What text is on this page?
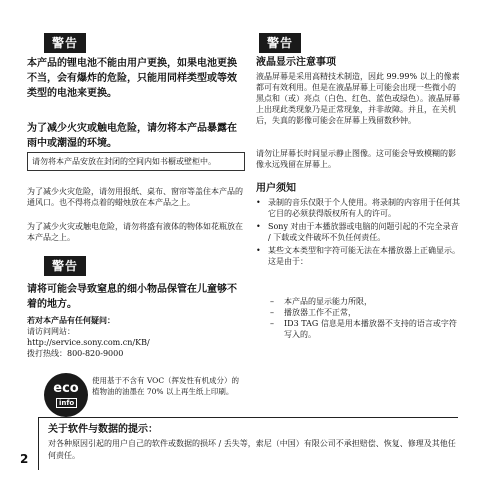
警告
本产品的锂电池不能由用户更换，如果电池更换不当，会有爆炸的危险，只能用同样类型或等效类型的电池来更换。
为了减少火灾或触电危险，请勿将本产品暴露在雨中或潮湿的环境。
请勿将本产品安放在封闭的空间内如书橱或壁柜中。
为了减少火灾危险，请勿用报纸、桌布、窗帘等盖住本产品的通风口。也不得将点着的蜡烛放在本产品之上。
为了减少火灾或触电危险，请勿将盛有液体的物体如花瓶放在本产品之上。
警告
请将可能会导致窒息的细小物品保管在儿童够不着的地方。
若对本产品有任何疑问：
请访问网站：
http://service.sony.com.cn/KB/
拨打热线：800-820-9000
eco
info
使用基于不含有 VOC（挥发性有机成分）的植物油的油墨在 70% 以上再生纸上印刷。
警告
液晶显示注意事项
液晶屏幕是采用高精技术制造，因此 99.99% 以上的像素都可有效利用。但是在液晶屏幕上可能会出现一些微小的黑点和（或）亮点（白色、红色、蓝色或绿色）。液晶屏幕上出现此类现象乃是正常现象，并非故障。并且，在关机后，失真的影像可能会在屏幕上残留数秒钟。
请勿让屏幕长时间显示静止图像。这可能会导致模糊的影像永远残留在屏幕上。
用户须知
• 录制的音乐仅限于个人使用。将录制的内容用于任何其它目的必须获得版权所有人的许可。
• Sony 对由于本播放器或电脑的问题引起的不完全录音 / 下载或文件破坏不负任何责任。
• 某些文本类型和字符可能无法在本播放器上正确显示。这是由于：
– 本产品的显示能力所限，
– 播放器工作不正常，
– ID3 TAG 信息是用本播放器不支持的语言或字符写入的。
关于软件与数据的提示：
对各种原因引起的用户自己的软件或数据的损坏 / 丢失等，索尼（中国）有限公司不承担赔偿、恢复、修理及其他任何责任。
2
